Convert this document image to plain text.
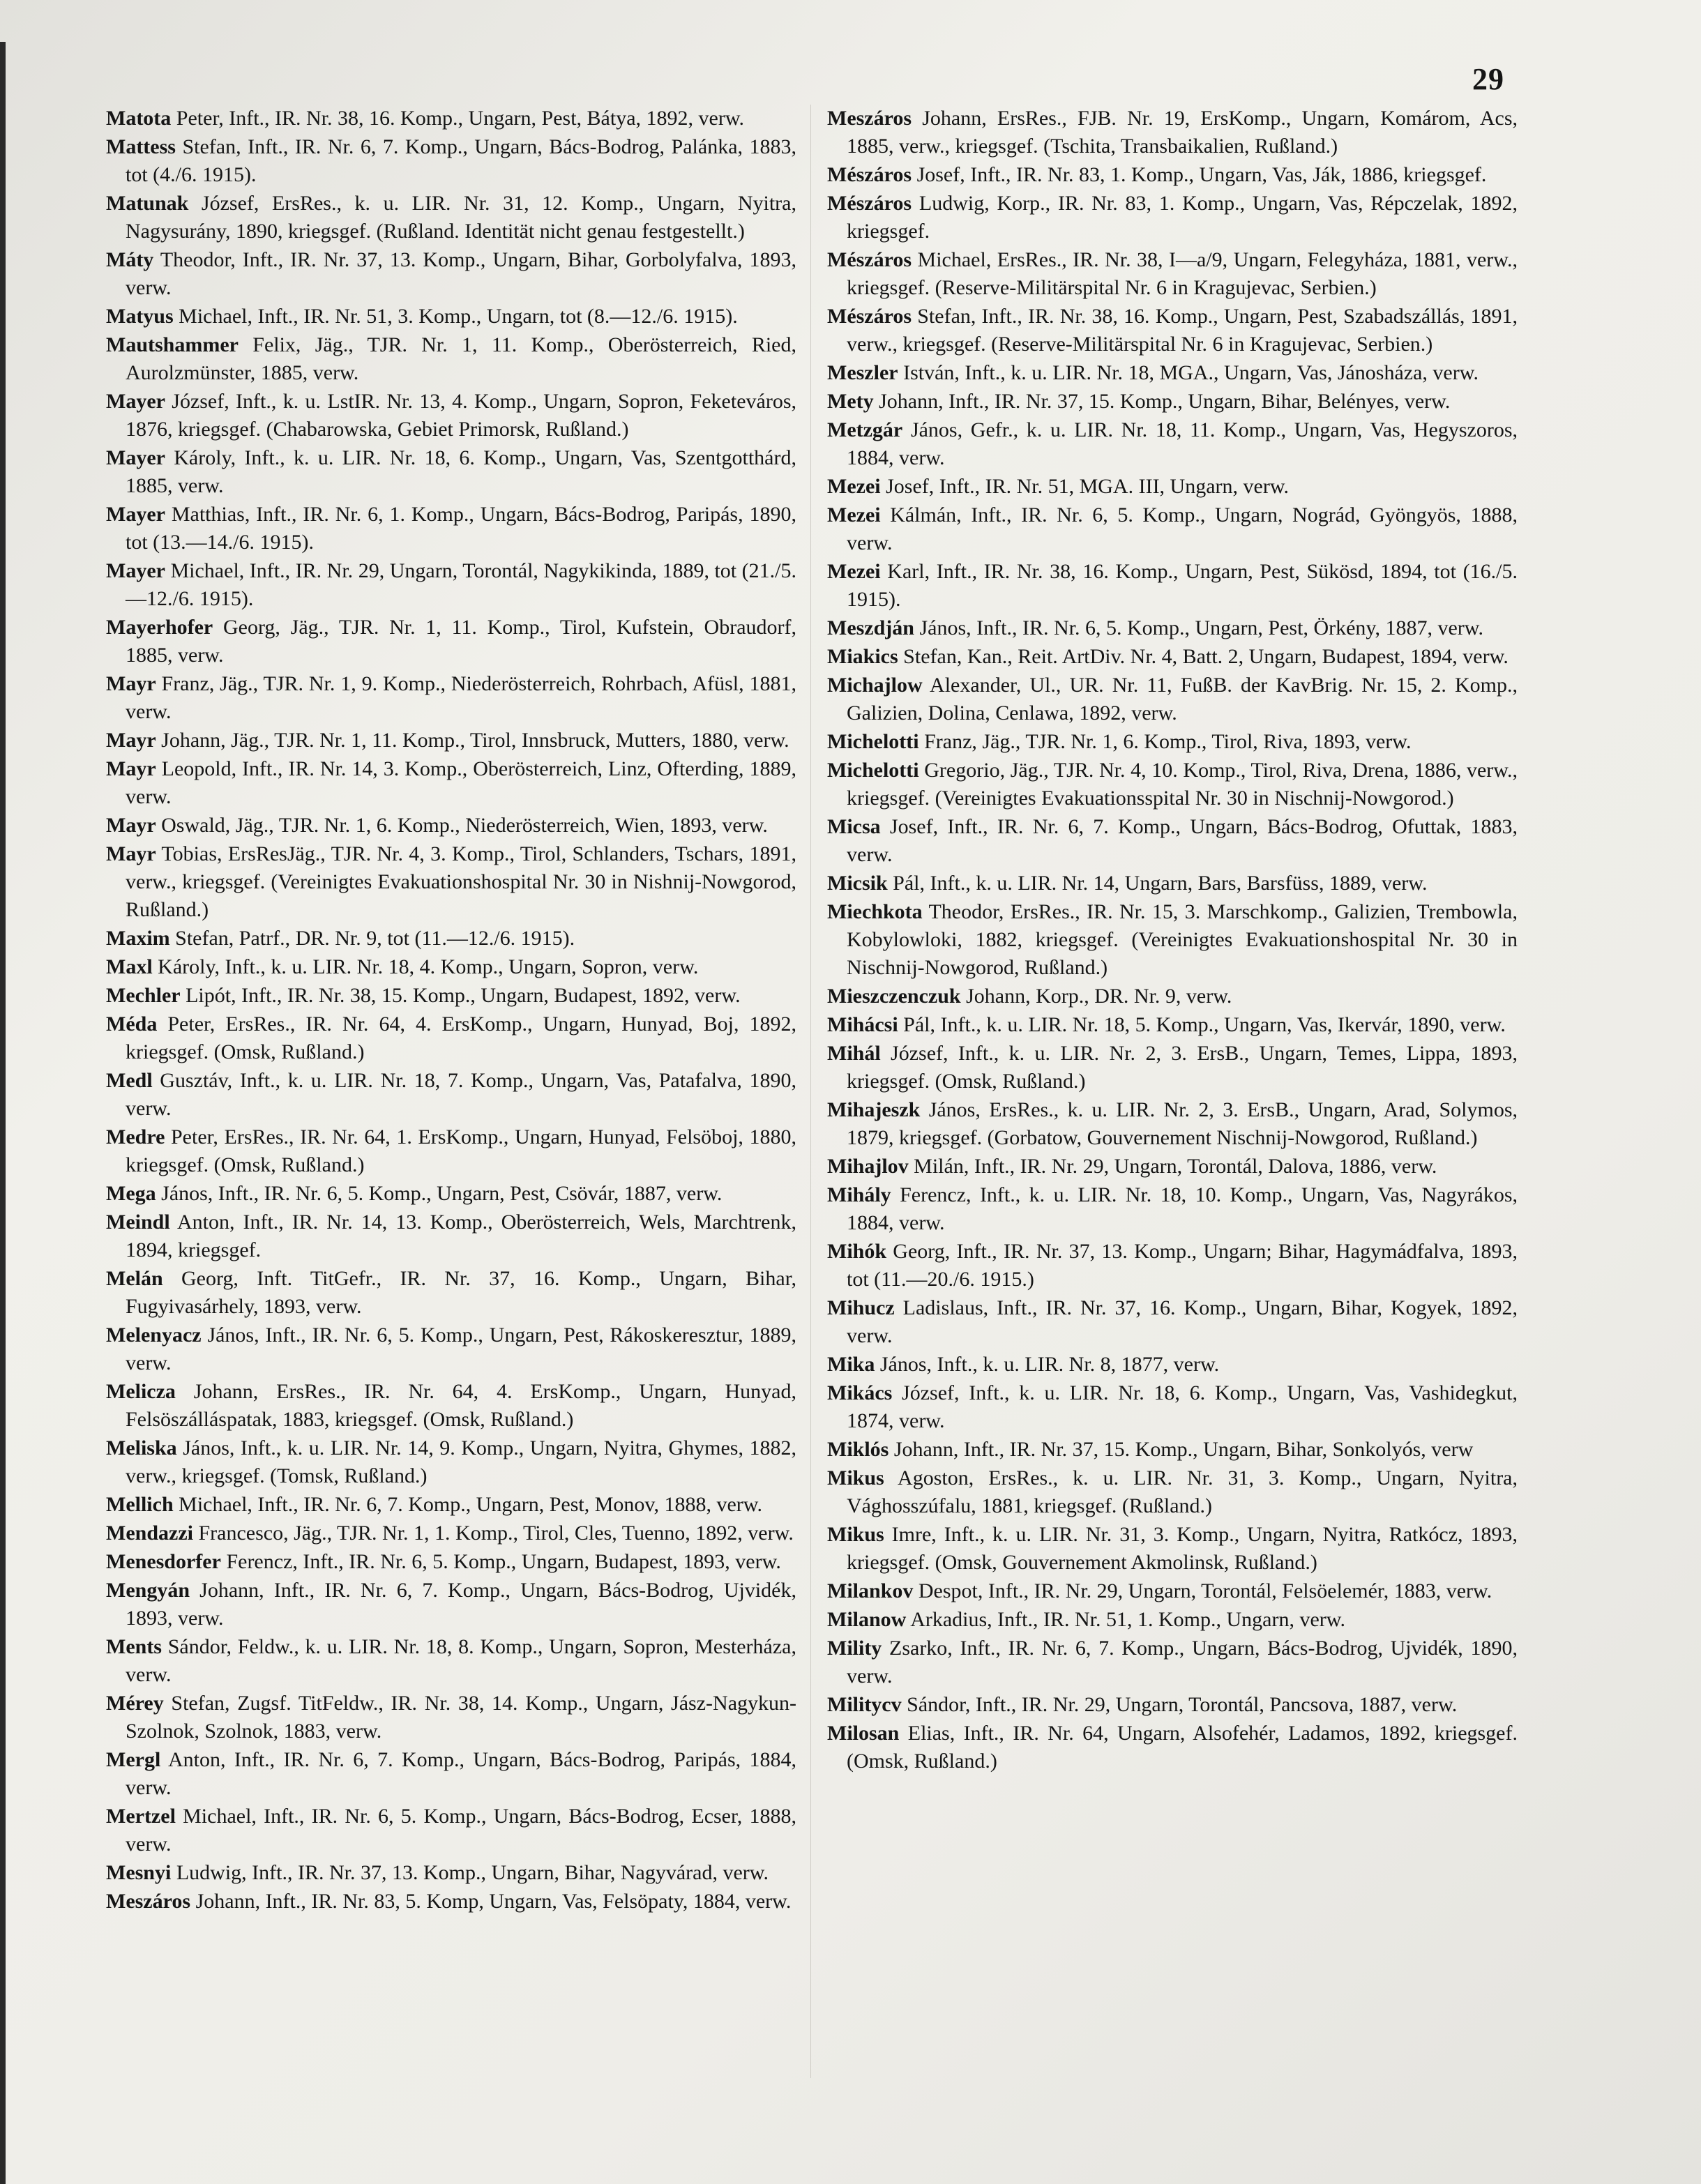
29

Matota Peter, Inft., IR. Nr. 38, 16. Komp., Ungarn, Pest, Bátya, 1892, verw.

Mattess Stefan, Inft., IR. Nr. 6, 7. Komp., Ungarn, Bács-Bodrog, Palánka, 1883, tot (4./6. 1915).

Matunak József, ErsRes., k. u. LIR. Nr. 31, 12. Komp., Ungarn, Nyitra, Nagysurány, 1890, kriegsgef. (Rußland. Identität nicht genau festgestellt.)

Máty Theodor, Inft., IR. Nr. 37, 13. Komp., Ungarn, Bihar, Gorbolyfalva, 1893, verw.

Matyus Michael, Inft., IR. Nr. 51, 3. Komp., Ungarn, tot (8.—12./6. 1915).

Mautshammer Felix, Jäg., TJR. Nr. 1, 11. Komp., Oberösterreich, Ried, Aurolzmünster, 1885, verw.

Mayer József, Inft., k. u. LstIR. Nr. 13, 4. Komp., Ungarn, Sopron, Feketeváros, 1876, kriegsgef. (Chabarowska, Gebiet Primorsk, Rußland.)

Mayer Károly, Inft., k. u. LIR. Nr. 18, 6. Komp., Ungarn, Vas, Szentgotthárd, 1885, verw.

Mayer Matthias, Inft., IR. Nr. 6, 1. Komp., Ungarn, Bács-Bodrog, Paripás, 1890, tot (13.—14./6. 1915).

Mayer Michael, Inft., IR. Nr. 29, Ungarn, Torontál, Nagykikinda, 1889, tot (21./5.—12./6. 1915).

Mayerhofer Georg, Jäg., TJR. Nr. 1, 11. Komp., Tirol, Kufstein, Obraudorf, 1885, verw.

Mayr Franz, Jäg., TJR. Nr. 1, 9. Komp., Niederösterreich, Rohrbach, Afüsl, 1881, verw.

Mayr Johann, Jäg., TJR. Nr. 1, 11. Komp., Tirol, Innsbruck, Mutters, 1880, verw.

Mayr Leopold, Inft., IR. Nr. 14, 3. Komp., Oberösterreich, Linz, Ofterding, 1889, verw.

Mayr Oswald, Jäg., TJR. Nr. 1, 6. Komp., Niederösterreich, Wien, 1893, verw.

Mayr Tobias, ErsResJäg., TJR. Nr. 4, 3. Komp., Tirol, Schlanders, Tschars, 1891, verw., kriegsgef. (Vereinigtes Evakuationshospital Nr. 30 in Nishnij-Nowgorod, Rußland.)

Maxim Stefan, Patrf., DR. Nr. 9, tot (11.—12./6. 1915).

Maxl Károly, Inft., k. u. LIR. Nr. 18, 4. Komp., Ungarn, Sopron, verw.

Mechler Lipót, Inft., IR. Nr. 38, 15. Komp., Ungarn, Budapest, 1892, verw.

Méda Peter, ErsRes., IR. Nr. 64, 4. ErsKomp., Ungarn, Hunyad, Boj, 1892, kriegsgef. (Omsk, Rußland.)

Medl Gusztáv, Inft., k. u. LIR. Nr. 18, 7. Komp., Ungarn, Vas, Patafalva, 1890, verw.

Medre Peter, ErsRes., IR. Nr. 64, 1. ErsKomp., Ungarn, Hunyad, Felsöboj, 1880, kriegsgef. (Omsk, Rußland.)

Mega János, Inft., IR. Nr. 6, 5. Komp., Ungarn, Pest, Csövár, 1887, verw.

Meindl Anton, Inft., IR. Nr. 14, 13. Komp., Oberösterreich, Wels, Marchtrenk, 1894, kriegsgef.

Melán Georg, Inft. TitGefr., IR. Nr. 37, 16. Komp., Ungarn, Bihar, Fugyivasárhely, 1893, verw.

Melenyacz János, Inft., IR. Nr. 6, 5. Komp., Ungarn, Pest, Rákoskeresztur, 1889, verw.

Melicza Johann, ErsRes., IR. Nr. 64, 4. ErsKomp., Ungarn, Hunyad, Felsöszálláspatak, 1883, kriegsgef. (Omsk, Rußland.)

Meliska János, Inft., k. u. LIR. Nr. 14, 9. Komp., Ungarn, Nyitra, Ghymes, 1882, verw., kriegsgef. (Tomsk, Rußland.)

Mellich Michael, Inft., IR. Nr. 6, 7. Komp., Ungarn, Pest, Monov, 1888, verw.

Mendazzi Francesco, Jäg., TJR. Nr. 1, 1. Komp., Tirol, Cles, Tuenno, 1892, verw.

Menesdorfer Ferencz, Inft., IR. Nr. 6, 5. Komp., Ungarn, Budapest, 1893, verw.

Mengyán Johann, Inft., IR. Nr. 6, 7. Komp., Ungarn, Bács-Bodrog, Ujvidék, 1893, verw.

Ments Sándor, Feldw., k. u. LIR. Nr. 18, 8. Komp., Ungarn, Sopron, Mesterháza, verw.

Mérey Stefan, Zugsf. TitFeldw., IR. Nr. 38, 14. Komp., Ungarn, Jász-Nagykun-Szolnok, Szolnok, 1883, verw.

Mergl Anton, Inft., IR. Nr. 6, 7. Komp., Ungarn, Bács-Bodrog, Paripás, 1884, verw.

Mertzel Michael, Inft., IR. Nr. 6, 5. Komp., Ungarn, Bács-Bodrog, Ecser, 1888, verw.

Mesnyi Ludwig, Inft., IR. Nr. 37, 13. Komp., Ungarn, Bihar, Nagyvárad, verw.

Meszáros Johann, Inft., IR. Nr. 83, 5. Komp, Ungarn, Vas, Felsöpaty, 1884, verw.

Meszáros Johann, ErsRes., FJB. Nr. 19, ErsKomp., Ungarn, Komárom, Acs, 1885, verw., kriegsgef. (Tschita, Transbaikalien, Rußland.)

Mészáros Josef, Inft., IR. Nr. 83, 1. Komp., Ungarn, Vas, Ják, 1886, kriegsgef.

Mészáros Ludwig, Korp., IR. Nr. 83, 1. Komp., Ungarn, Vas, Répczelak, 1892, kriegsgef.

Mészáros Michael, ErsRes., IR. Nr. 38, I—a/9, Ungarn, Felegyháza, 1881, verw., kriegsgef. (Reserve-Militärspital Nr. 6 in Kragujevac, Serbien.)

Mészáros Stefan, Inft., IR. Nr. 38, 16. Komp., Ungarn, Pest, Szabadszállás, 1891, verw., kriegsgef. (Reserve-Militärspital Nr. 6 in Kragujevac, Serbien.)

Meszler István, Inft., k. u. LIR. Nr. 18, MGA., Ungarn, Vas, Jánosháza, verw.

Mety Johann, Inft., IR. Nr. 37, 15. Komp., Ungarn, Bihar, Belényes, verw.

Metzgár János, Gefr., k. u. LIR. Nr. 18, 11. Komp., Ungarn, Vas, Hegyszoros, 1884, verw.

Mezei Josef, Inft., IR. Nr. 51, MGA. III, Ungarn, verw.

Mezei Kálmán, Inft., IR. Nr. 6, 5. Komp., Ungarn, Nográd, Gyöngyös, 1888, verw.

Mezei Karl, Inft., IR. Nr. 38, 16. Komp., Ungarn, Pest, Sükösd, 1894, tot (16./5. 1915).

Meszdján János, Inft., IR. Nr. 6, 5. Komp., Ungarn, Pest, Örkény, 1887, verw.

Miakics Stefan, Kan., Reit. ArtDiv. Nr. 4, Batt. 2, Ungarn, Budapest, 1894, verw.

Michajlow Alexander, Ul., UR. Nr. 11, FußB. der KavBrig. Nr. 15, 2. Komp., Galizien, Dolina, Cenlawa, 1892, verw.

Michelotti Franz, Jäg., TJR. Nr. 1, 6. Komp., Tirol, Riva, 1893, verw.

Michelotti Gregorio, Jäg., TJR. Nr. 4, 10. Komp., Tirol, Riva, Drena, 1886, verw., kriegsgef. (Vereinigtes Evakuationsspital Nr. 30 in Nischnij-Nowgorod.)

Micsa Josef, Inft., IR. Nr. 6, 7. Komp., Ungarn, Bács-Bodrog, Ofuttak, 1883, verw.

Micsik Pál, Inft., k. u. LIR. Nr. 14, Ungarn, Bars, Barsfüss, 1889, verw.

Miechkota Theodor, ErsRes., IR. Nr. 15, 3. Marschkomp., Galizien, Trembowla, Kobylowloki, 1882, kriegsgef. (Vereinigtes Evakuationshospital Nr. 30 in Nischnij-Nowgorod, Rußland.)

Mieszczenczuk Johann, Korp., DR. Nr. 9, verw.

Mihácsi Pál, Inft., k. u. LIR. Nr. 18, 5. Komp., Ungarn, Vas, Ikervár, 1890, verw.

Mihál József, Inft., k. u. LIR. Nr. 2, 3. ErsB., Ungarn, Temes, Lippa, 1893, kriegsgef. (Omsk, Rußland.)

Mihajeszk János, ErsRes., k. u. LIR. Nr. 2, 3. ErsB., Ungarn, Arad, Solymos, 1879, kriegsgef. (Gorbatow, Gouvernement Nischnij-Nowgorod, Rußland.)

Mihajlov Milán, Inft., IR. Nr. 29, Ungarn, Torontál, Dalova, 1886, verw.

Mihály Ferencz, Inft., k. u. LIR. Nr. 18, 10. Komp., Ungarn, Vas, Nagyrákos, 1884, verw.

Mihók Georg, Inft., IR. Nr. 37, 13. Komp., Ungarn; Bihar, Hagymádfalva, 1893, tot (11.—20./6. 1915.)

Mihucz Ladislaus, Inft., IR. Nr. 37, 16. Komp., Ungarn, Bihar, Kogyek, 1892, verw.

Mika János, Inft., k. u. LIR. Nr. 8, 1877, verw.

Mikács József, Inft., k. u. LIR. Nr. 18, 6. Komp., Ungarn, Vas, Vashidegkut, 1874, verw.

Miklós Johann, Inft., IR. Nr. 37, 15. Komp., Ungarn, Bihar, Sonkolyós, verw

Mikus Agoston, ErsRes., k. u. LIR. Nr. 31, 3. Komp., Ungarn, Nyitra, Vághosszúfalu, 1881, kriegsgef. (Rußland.)

Mikus Imre, Inft., k. u. LIR. Nr. 31, 3. Komp., Ungarn, Nyitra, Ratkócz, 1893, kriegsgef. (Omsk, Gouvernement Akmolinsk, Rußland.)

Milankov Despot, Inft., IR. Nr. 29, Ungarn, Torontál, Felsöelemér, 1883, verw.

Milanow Arkadius, Inft., IR. Nr. 51, 1. Komp., Ungarn, verw.

Mility Zsarko, Inft., IR. Nr. 6, 7. Komp., Ungarn, Bács-Bodrog, Ujvidék, 1890, verw.

Militycv Sándor, Inft., IR. Nr. 29, Ungarn, Torontál, Pancsova, 1887, verw.

Milosan Elias, Inft., IR. Nr. 64, Ungarn, Alsofehér, Ladamos, 1892, kriegsgef. (Omsk, Rußland.)
